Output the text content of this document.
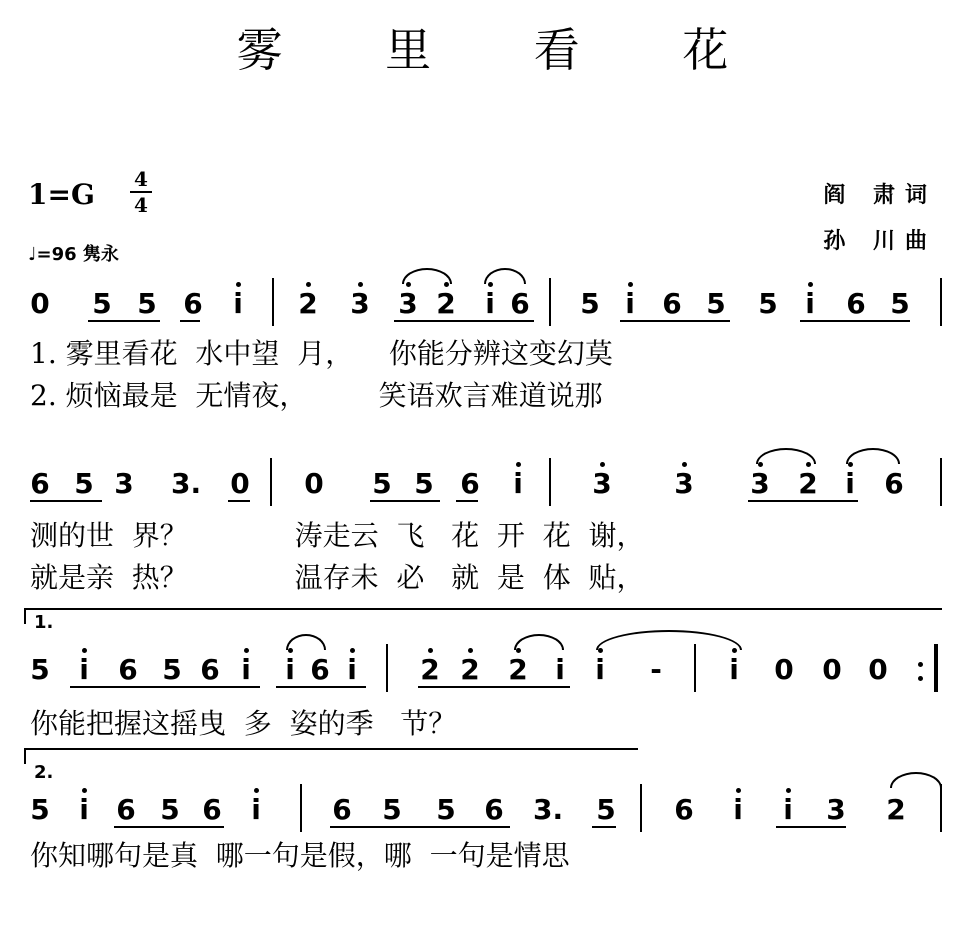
雾 里 看 花
1=G 4
4
♩=96 隽永
阎 肃词
孙 川曲
0 5 5 6	i	2 3 3 2	i 6 5 i 6 5 5 i	6 5
1. 雾里看花  水中望  月，    你能分辨这变幻莫
2. 烦恼最是  无情夜，        笑语欢言难道说那
6 5 3 3. 0 0 5 5 6	i	3 3 3 2 i	6
测的世  界？            涛走云  飞   花  开  花  谢，
就是亲  热？            温存未  必   就  是  体  贴，
1.
5	i	6 5 6 i	i 6 i	2 2 2 i	i	-	i	0 0 0
你能把握这摇曳  多  姿的季   节？
2.
5	i 6 5 6	i	6 5 5 6 3. 5 6	i	i	3 2
你知哪句是真  哪一句是假，哪  一句是情思
